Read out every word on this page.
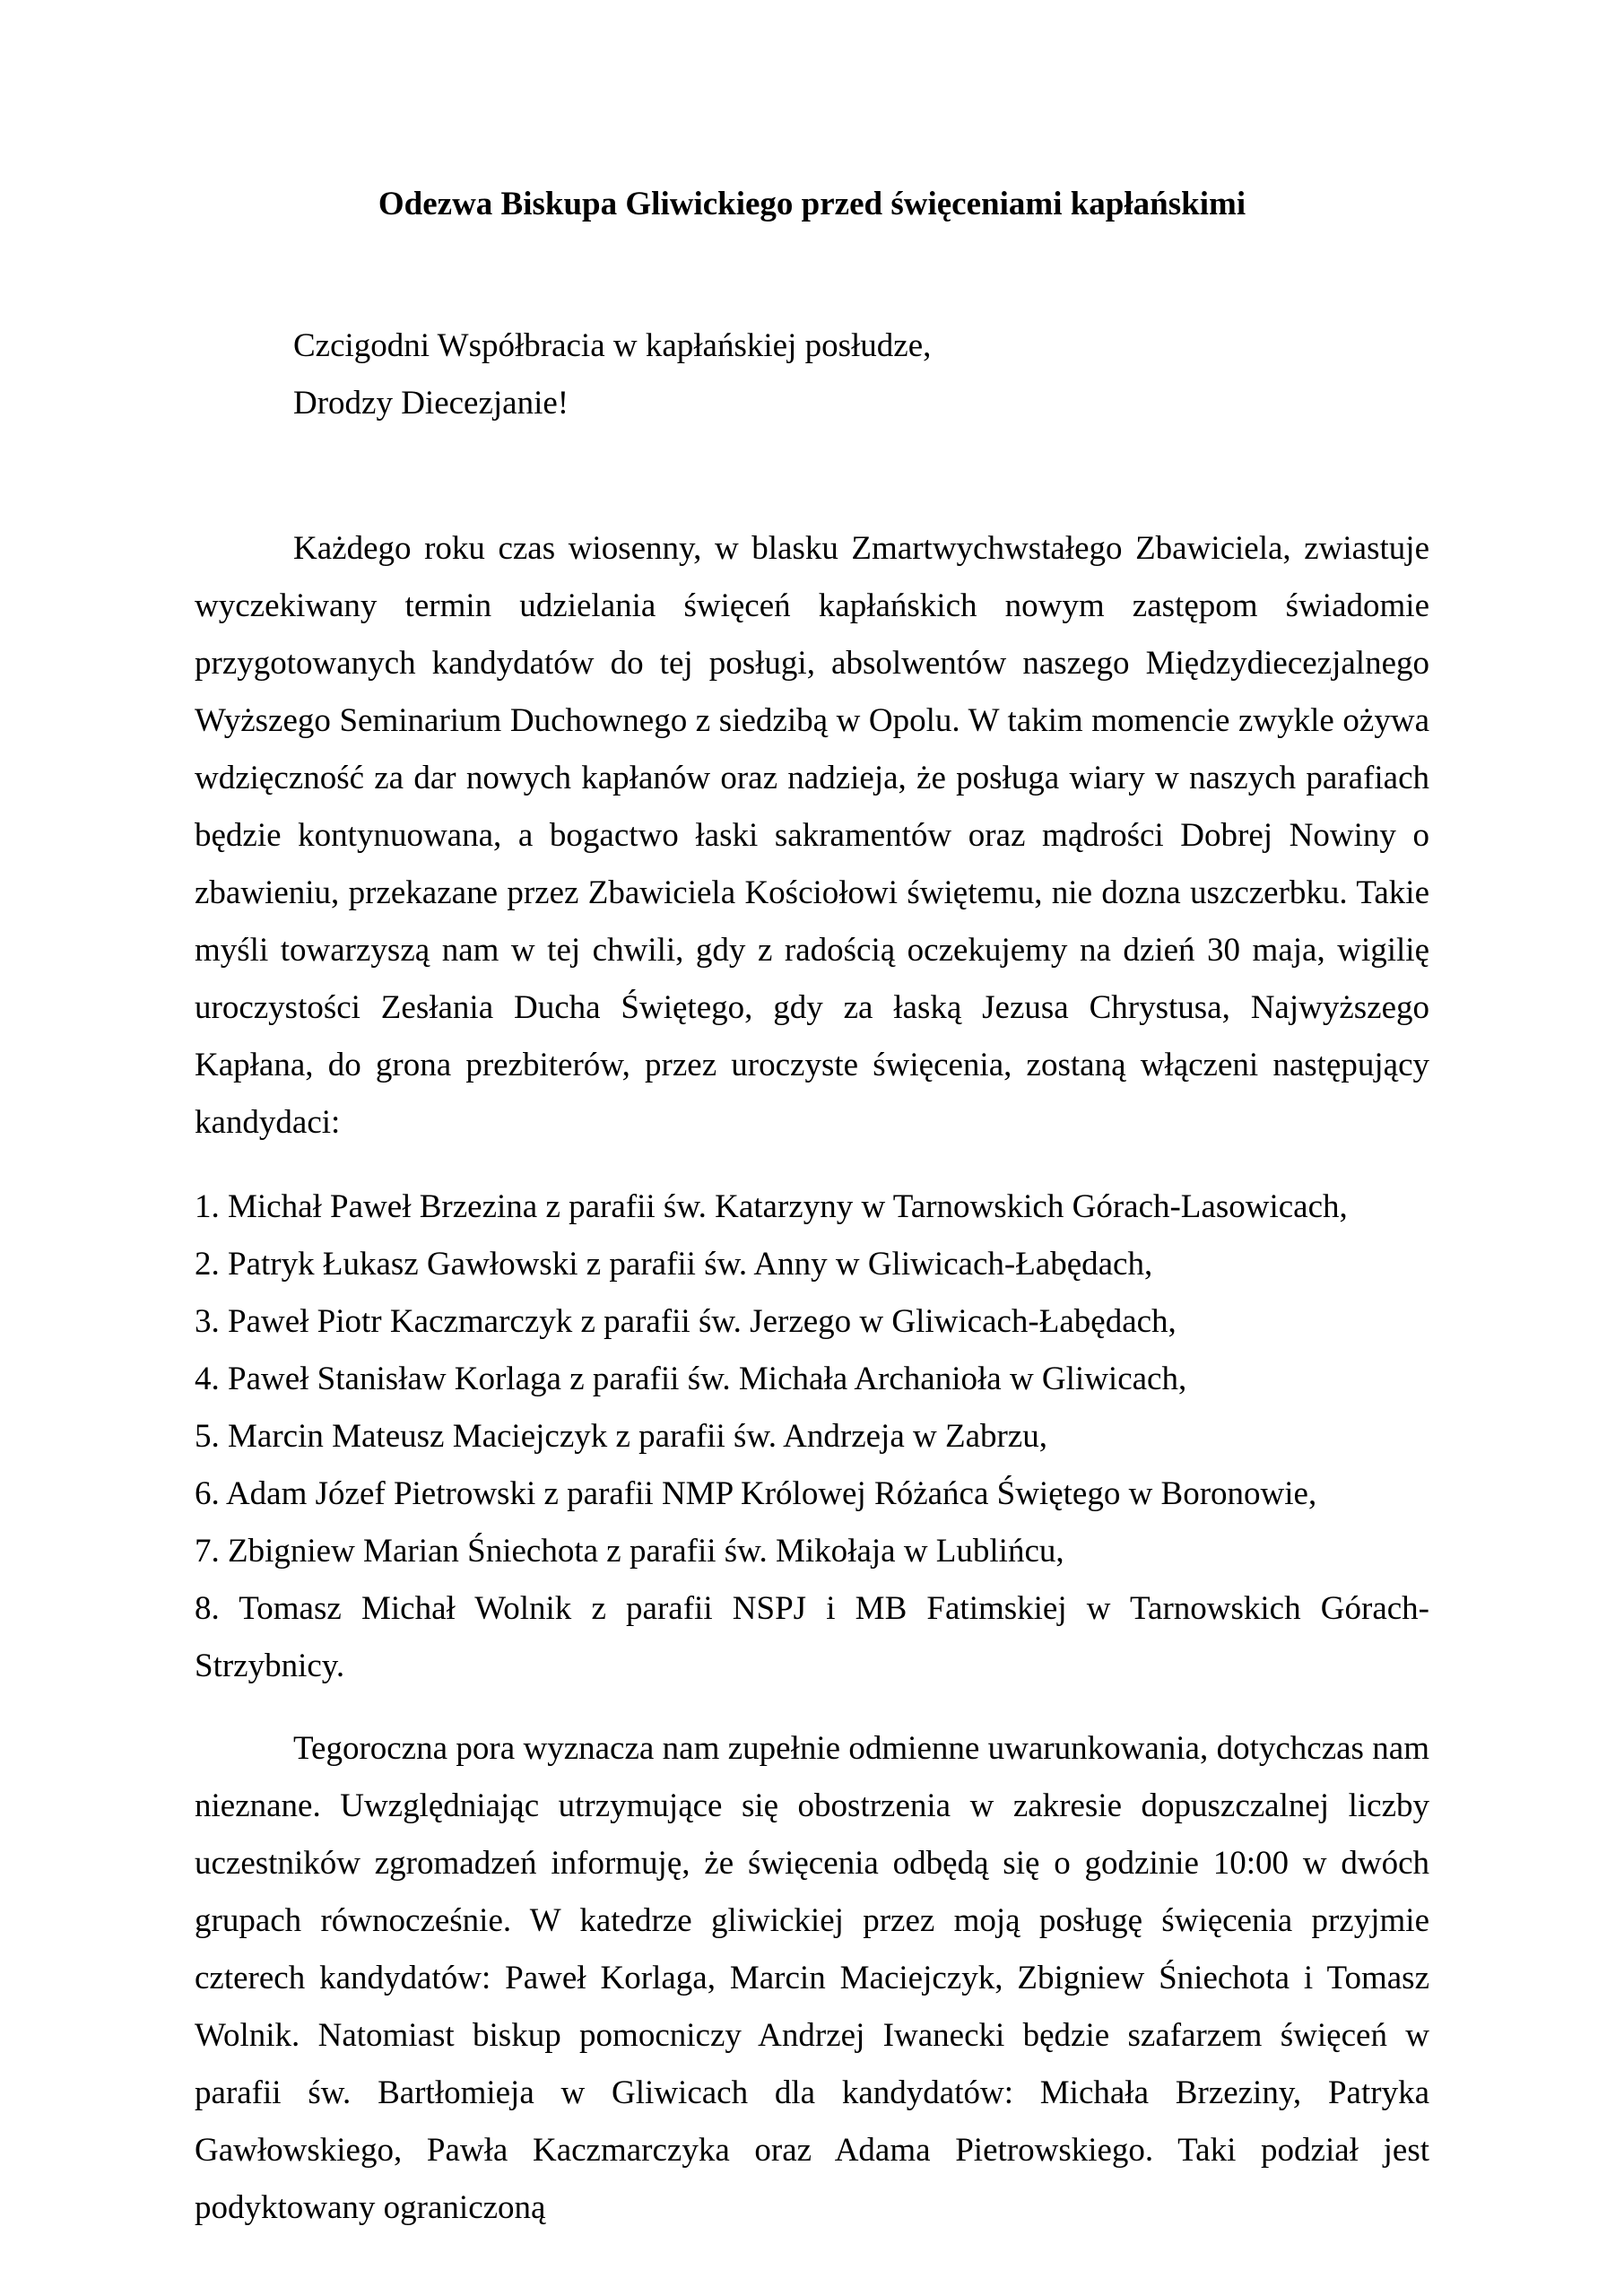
Odezwa Biskupa Gliwickiego przed święceniami kapłańskimi
Czcigodni Współbracia w kapłańskiej posłudze,
Drodzy Diecezjanie!

Każdego roku czas wiosenny, w blasku Zmartwychwstałego Zbawiciela, zwiastuje wyczekiwany termin udzielania święceń kapłańskich nowym zastępom świadomie przygotowanych kandydatów do tej posługi, absolwentów naszego Międzydiecezjalnego Wyższego Seminarium Duchownego z siedzibą w Opolu. W takim momencie zwykle ożywa wdzięczność za dar nowych kapłanów oraz nadzieja, że posługa wiary w naszych parafiach będzie kontynuowana, a bogactwo łaski sakramentów oraz mądrości Dobrej Nowiny o zbawieniu, przekazane przez Zbawiciela Kościołowi świętemu, nie dozna uszczerbku. Takie myśli towarzyszą nam w tej chwili, gdy z radością oczekujemy na dzień 30 maja, wigilię uroczystości Zesłania Ducha Świętego, gdy za łaską Jezusa Chrystusa, Najwyższego Kapłana, do grona prezbiterów, przez uroczyste święcenia, zostaną włączeni następujący kandydaci:

1. Michał Paweł Brzezina z parafii św. Katarzyny w Tarnowskich Górach-Lasowicach,
2. Patryk Łukasz Gawłowski z parafii św. Anny w Gliwicach-Łabędach,
3. Paweł Piotr Kaczmarczyk z parafii św. Jerzego w Gliwicach-Łabędach,
4. Paweł Stanisław Korlaga z parafii św. Michała Archanioła w Gliwicach,
5. Marcin Mateusz Maciejczyk z parafii św. Andrzeja w Zabrzu,
6. Adam Józef Pietrowski z parafii NMP Królowej Różańca Świętego w Boronowie,
7. Zbigniew Marian Śniechota z parafii św. Mikołaja w Lublińcu,
8. Tomasz Michał Wolnik z parafii NSPJ i MB Fatimskiej w Tarnowskich Górach-Strzybnicy.

Tegoroczna pora wyznacza nam zupełnie odmienne uwarunkowania, dotychczas nam nieznane. Uwzględniając utrzymujące się obostrzenia w zakresie dopuszczalnej liczby uczestników zgromadzeń informuję, że święcenia odbędą się o godzinie 10:00 w dwóch grupach równocześnie. W katedrze gliwickiej przez moją posługę święcenia przyjmie czterech kandydatów: Paweł Korlaga, Marcin Maciejczyk, Zbigniew Śniechota i Tomasz Wolnik. Natomiast biskup pomocniczy Andrzej Iwanecki będzie szafarzem święceń w parafii św. Bartłomieja w Gliwicach dla kandydatów: Michała Brzeziny, Patryka Gawłowskiego, Pawła Kaczmarczyka oraz Adama Pietrowskiego. Taki podział jest podyktowany ograniczoną
